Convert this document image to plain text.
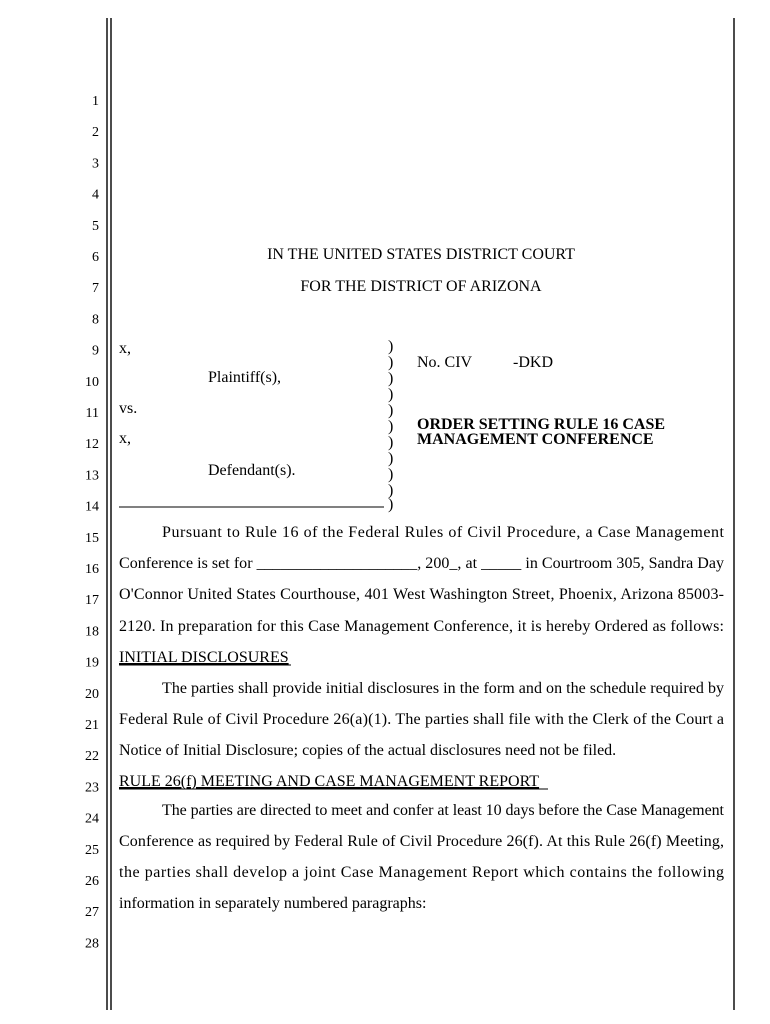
1
2
3
4
5
6
7
8
9
10
11
12
13
14
15
16
17
18
19
20
21
22
23
24
25
26
27
28
IN THE UNITED STATES DISTRICT COURT
FOR THE DISTRICT OF ARIZONA
x,
Plaintiff(s),
vs.
x,
Defendant(s).
)
)
)
)
)
)
)
)
)
)
)
No. CIV	-DKD
ORDER SETTING RULE 16 CASE
MANAGEMENT CONFERENCE
Pursuant to Rule 16 of the Federal Rules of Civil Procedure, a Case Management
Conference is set for ____________________, 200_, at _____ in Courtroom 305, Sandra Day
O'Connor United States Courthouse, 401 West Washington Street, Phoenix, Arizona 85003-
2120. In preparation for this Case Management Conference, it is hereby Ordered as follows:
INITIAL DISCLOSURES
The parties shall provide initial disclosures in the form and on the schedule required by
Federal Rule of Civil Procedure 26(a)(1). The parties shall file with the Clerk of the Court a
Notice of Initial Disclosure; copies of the actual disclosures need not be filed.
RULE 26(f) MEETING AND CASE MANAGEMENT REPORT
The parties are directed to meet and confer at least 10 days before the Case Management
Conference as required by Federal Rule of Civil Procedure 26(f). At this Rule 26(f) Meeting,
the parties shall develop a joint Case Management Report which contains the following
information in separately numbered paragraphs:
